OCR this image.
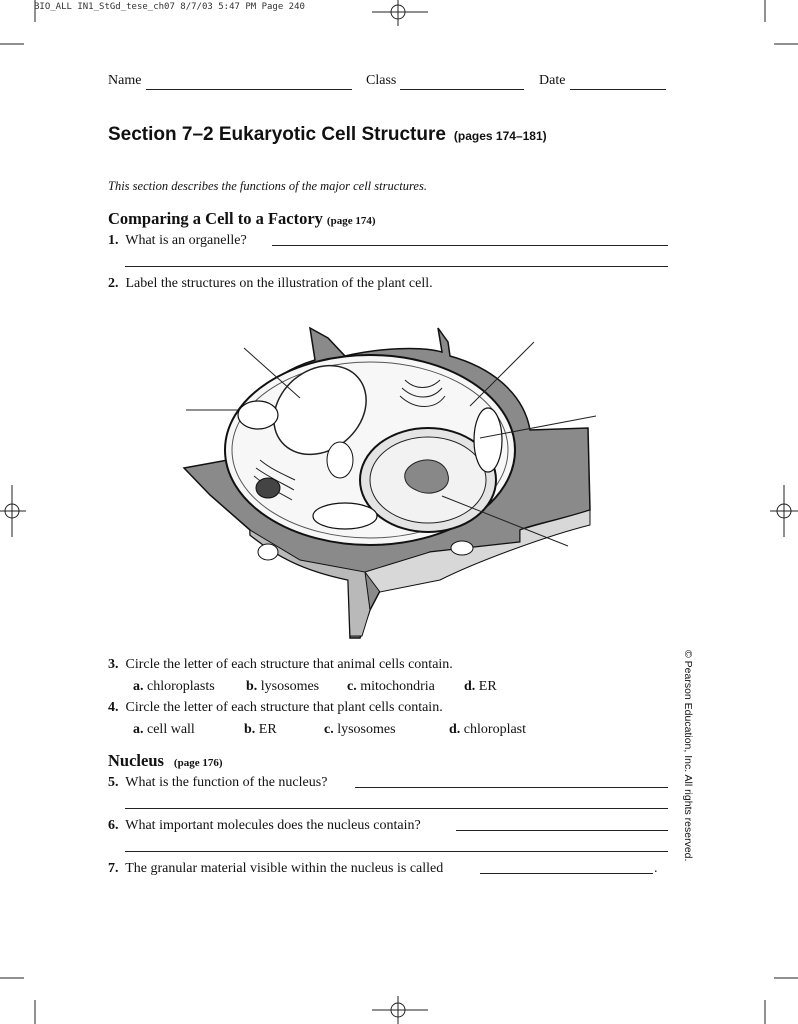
BIO_ALL IN1_StGd_tese_ch07 8/7/03 5:47 PM Page 240
Name	Class	Date
Section 7–2 Eukaryotic Cell Structure (pages 174–181)
This section describes the functions of the major cell structures.
Comparing a Cell to a Factory (page 174)
1. What is an organelle?
2. Label the structures on the illustration of the plant cell.
3. Circle the letter of each structure that animal cells contain.
a. chloroplasts b. lysosomes c. mitochondria d. ER
4. Circle the letter of each structure that plant cells contain.
a. cell wall	b. ER	c. lysosomes	d. chloroplast
Nucleus (page 176)
5. What is the function of the nucleus?
6. What important molecules does the nucleus contain?
7. The granular material visible within the nucleus is called	.
© Pearson Education, Inc. All rights reserved.
